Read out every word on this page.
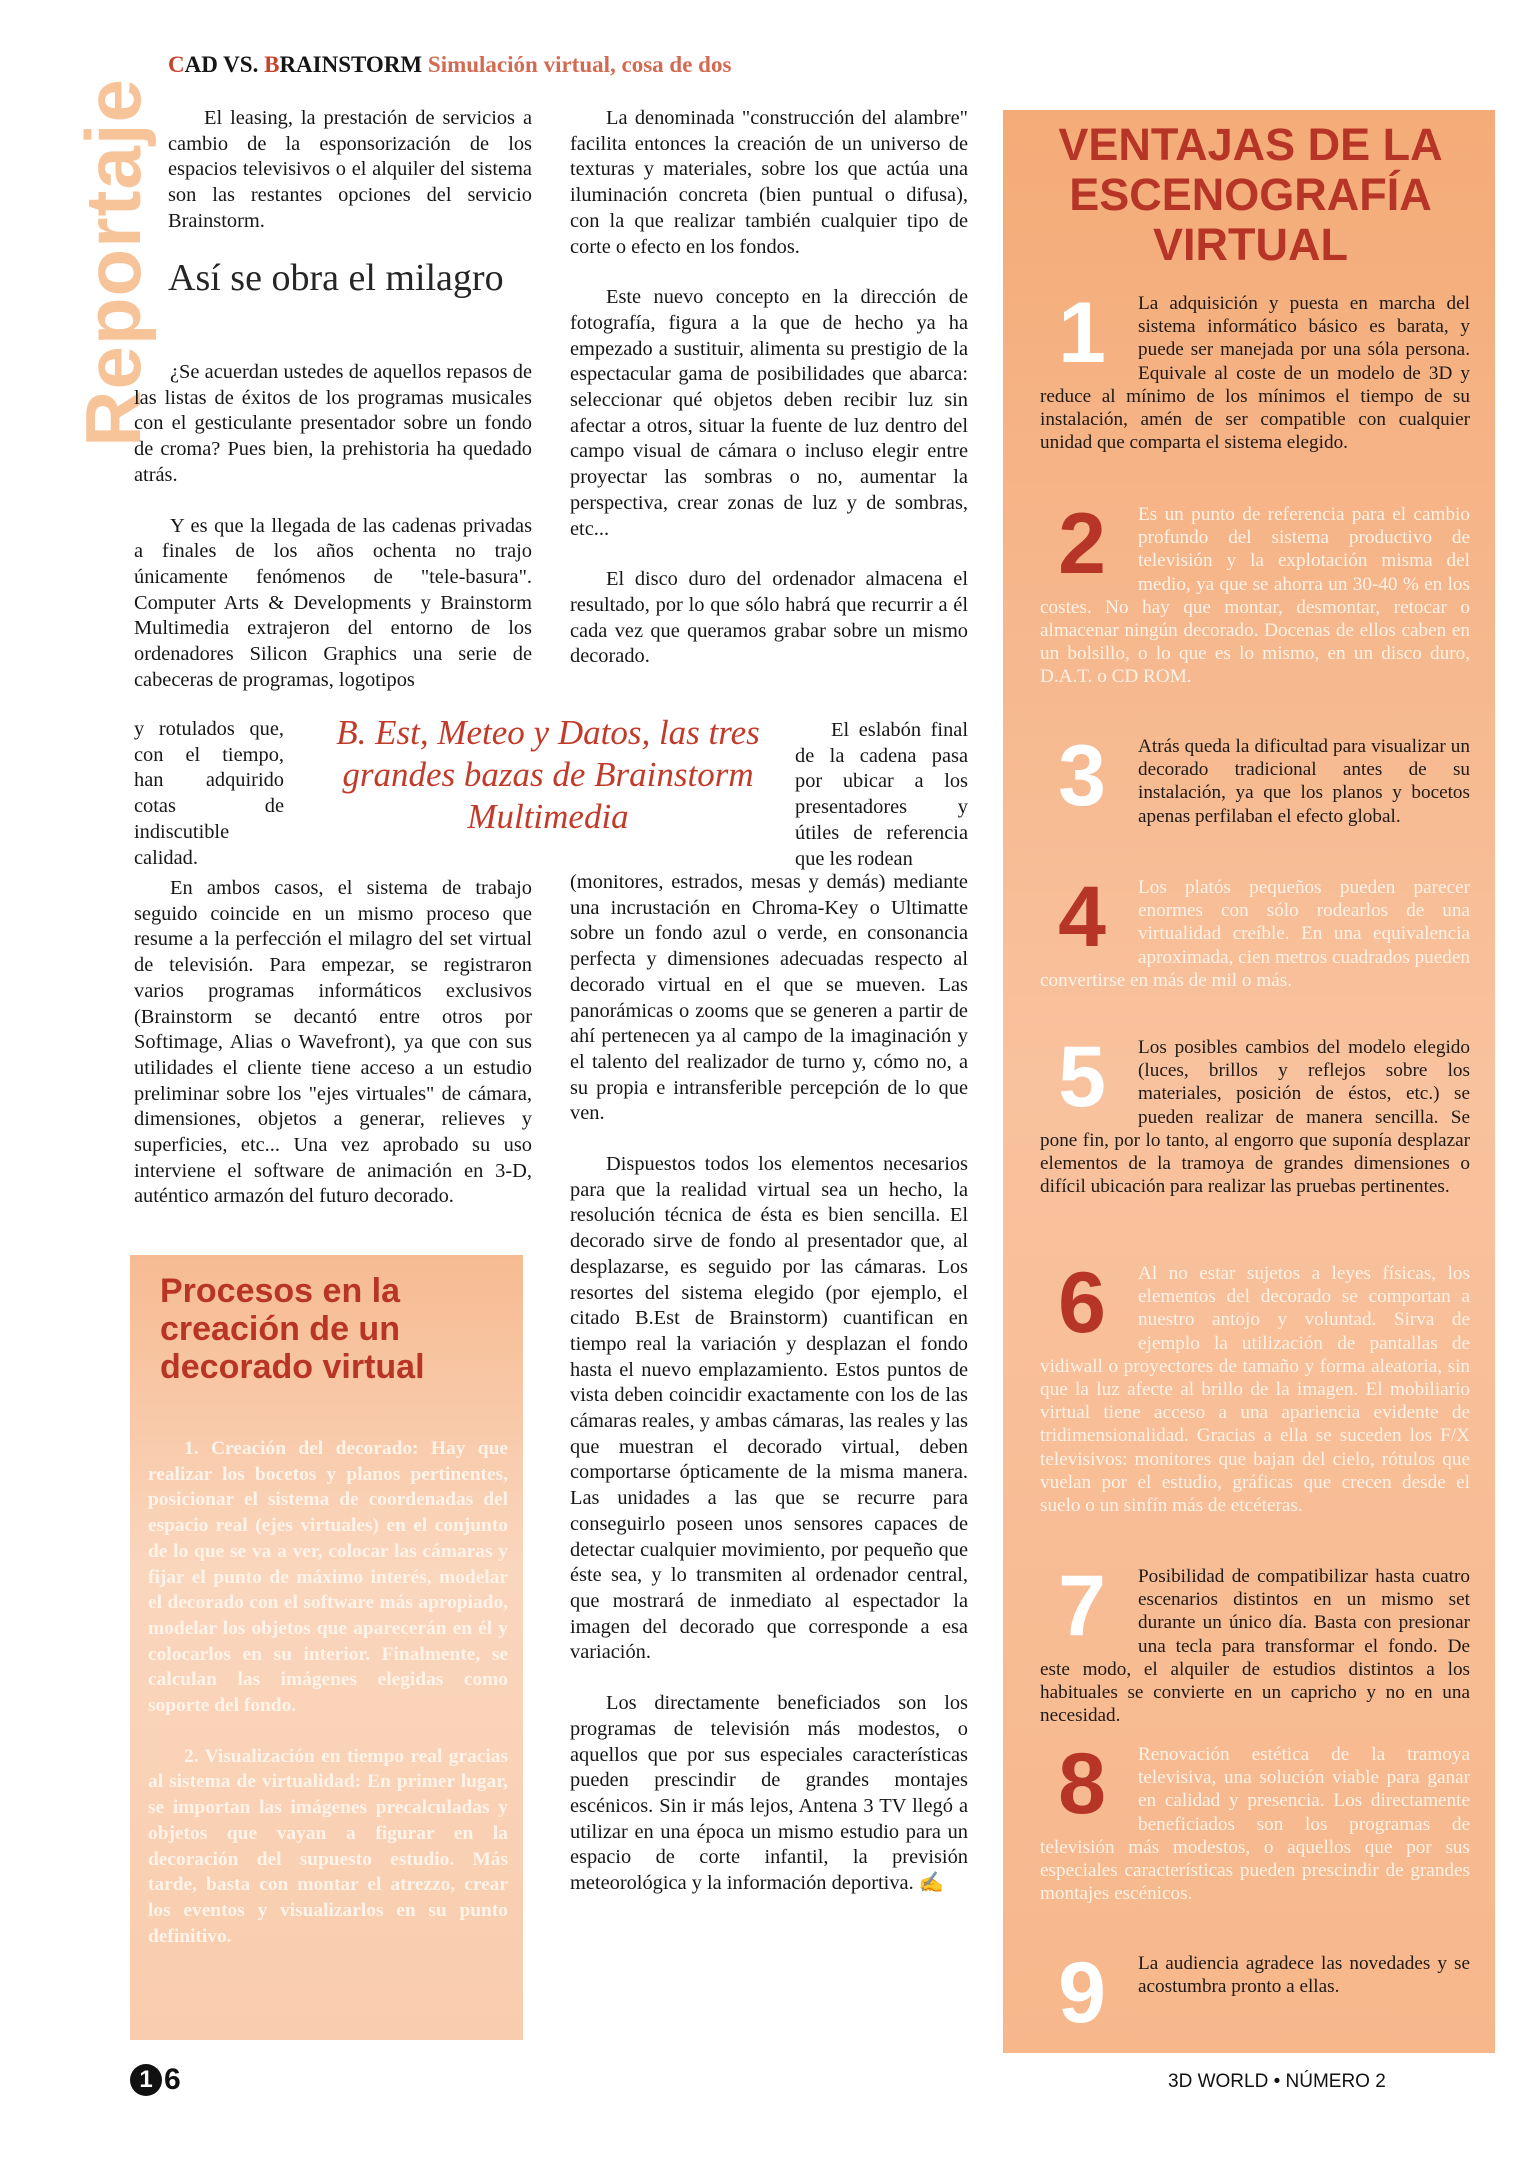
Reportaje
CAD VS. BRAINSTORM Simulación virtual, cosa de dos

El leasing, la prestación de servicios a cambio de la esponsorización de los espacios televisivos o el alquiler del sistema son las restantes opciones del servicio Brainstorm.

Así se obra el milagro

¿Se acuerdan ustedes de aquellos repasos de las listas de éxitos de los programas musicales con el gesticulante presentador sobre un fondo de croma? Pues bien, la prehistoria ha quedado atrás.

Y es que la llegada de las cadenas privadas a finales de los años ochenta no trajo únicamente fenómenos de "tele-basura". Computer Arts & Developments y Brainstorm Multimedia extrajeron del entorno de los ordenadores Silicon Graphics una serie de cabeceras de programas, logotipos

y rotulados que, con el tiempo, han adquirido cotas de indiscutible calidad.

En ambos casos, el sistema de trabajo seguido coincide en un mismo proceso que resume a la perfección el milagro del set virtual de televisión. Para empezar, se registraron varios programas informáticos exclusivos (Brainstorm se decantó entre otros por Softimage, Alias o Wavefront), ya que con sus utilidades el cliente tiene acceso a un estudio preliminar sobre los "ejes virtuales" de cámara, dimensiones, objetos a generar, relieves y superficies, etc... Una vez aprobado su uso interviene el software de animación en 3-D, auténtico armazón del futuro decorado.

B. Est, Meteo y Datos, las tres grandes bazas de Brainstorm Multimedia

La denominada "construcción del alambre" facilita entonces la creación de un universo de texturas y materiales, sobre los que actúa una iluminación concreta (bien puntual o difusa), con la que realizar también cualquier tipo de corte o efecto en los fondos.

Este nuevo concepto en la dirección de fotografía, figura a la que de hecho ya ha empezado a sustituir, alimenta su prestigio de la espectacular gama de posibilidades que abarca: seleccionar qué objetos deben recibir luz sin afectar a otros, situar la fuente de luz dentro del campo visual de cámara o incluso elegir entre proyectar las sombras o no, aumentar la perspectiva, crear zonas de luz y de sombras, etc...

El disco duro del ordenador almacena el resultado, por lo que sólo habrá que recurrir a él cada vez que queramos grabar sobre un mismo decorado.

El eslabón final de la cadena pasa por ubicar a los presentadores y útiles de referencia que les rodean

(monitores, estrados, mesas y demás) mediante una incrustación en Chroma-Key o Ultimatte sobre un fondo azul o verde, en consonancia perfecta y dimensiones adecuadas respecto al decorado virtual en el que se mueven. Las panorámicas o zooms que se generen a partir de ahí pertenecen ya al campo de la imaginación y el talento del realizador de turno y, cómo no, a su propia e intransferible percepción de lo que ven.

Dispuestos todos los elementos necesarios para que la realidad virtual sea un hecho, la resolución técnica de ésta es bien sencilla. El decorado sirve de fondo al presentador que, al desplazarse, es seguido por las cámaras. Los resortes del sistema elegido (por ejemplo, el citado B.Est de Brainstorm) cuantifican en tiempo real la variación y desplazan el fondo hasta el nuevo emplazamiento. Estos puntos de vista deben coincidir exactamente con los de las cámaras reales, y ambas cámaras, las reales y las que muestran el decorado virtual, deben comportarse ópticamente de la misma manera. Las unidades a las que se recurre para conseguirlo poseen unos sensores capaces de detectar cualquier movimiento, por pequeño que éste sea, y lo transmiten al ordenador central, que mostrará de inmediato al espectador la imagen del decorado que corresponde a esa variación.

Los directamente beneficiados son los programas de televisión más modestos, o aquellos que por sus especiales características pueden prescindir de grandes montajes escénicos. Sin ir más lejos, Antena 3 TV llegó a utilizar en una época un mismo estudio para un espacio de corte infantil, la previsión meteorológica y la información deportiva. ✍

Procesos en la creación de un decorado virtual

1. Creación del decorado: Hay que realizar los bocetos y planos pertinentes, posicionar el sistema de coordenadas del espacio real (ejes virtuales) en el conjunto de lo que se va a ver, colocar las cámaras y fijar el punto de máximo interés, modelar el decorado con el software más apropiado, modelar los objetos que aparecerán en él y colocarlos en su interior. Finalmente, se calculan las imágenes elegidas como soporte del fondo.

2. Visualización en tiempo real gracias al sistema de virtualidad: En primer lugar, se importan las imágenes precalculadas y objetos que vayan a figurar en la decoración del supuesto estudio. Más tarde, basta con montar el atrezzo, crear los eventos y visualizarlos en su punto definitivo.

VENTAJAS DE LA ESCENOGRAFÍA VIRTUAL
1	La adquisición y puesta en marcha del sistema informático básico es barata, y puede ser manejada por una sóla persona. Equivale al coste de un modelo de 3D y reduce al mínimo de los mínimos el tiempo de su instalación, amén de ser compatible con cualquier unidad que comparta el sistema elegido.

2	Es un punto de referencia para el cambio profundo del sistema productivo de televisión y la explotación misma del medio, ya que se ahorra un 30-40 % en los costes. No hay que montar, desmontar, retocar o almacenar ningún decorado. Docenas de ellos caben en un bolsillo, o lo que es lo mismo, en un disco duro, D.A.T. o CD ROM.

3	Atrás queda la dificultad para visualizar un decorado tradicional antes de su instalación, ya que los planos y bocetos apenas perfilaban el efecto global.

4	Los platós pequeños pueden parecer enormes con sólo rodearlos de una virtualidad creíble. En una equivalencia aproximada, cien metros cuadrados pueden convertirse en más de mil o más.

5	Los posibles cambios del modelo elegido (luces, brillos y reflejos sobre los materiales, posición de éstos, etc.) se pueden realizar de manera sencilla. Se pone fin, por lo tanto, al engorro que suponía desplazar elementos de la tramoya de grandes dimensiones o difícil ubicación para realizar las pruebas pertinentes.

6	Al no estar sujetos a leyes físicas, los elementos del decorado se comportan a nuestro antojo y voluntad. Sirva de ejemplo la utilización de pantallas de vidiwall o proyectores de tamaño y forma aleatoria, sin que la luz afecte al brillo de la imagen. El mobiliario virtual tiene acceso a una apariencia evidente de tridimensionalidad. Gracias a ella se suceden los F/X televisivos: monitores que bajan del cielo, rótulos que vuelan por el estudio, gráficas que crecen desde el suelo o un sinfín más de etcéteras.

7	Posibilidad de compatibilizar hasta cuatro escenarios distintos en un mismo set durante un único día. Basta con presionar una tecla para transformar el fondo. De este modo, el alquiler de estudios distintos a los habituales se convierte en un capricho y no en una necesidad.

8	Renovación estética de la tramoya televisiva, una solución viable para ganar en calidad y presencia. Los directamente beneficiados son los programas de televisión más modestos, o aquellos que por sus especiales características pueden prescindir de grandes montajes escénicos.

9	La audiencia agradece las novedades y se acostumbra pronto a ellas.

1 6	3D WORLD • NÚMERO 2
